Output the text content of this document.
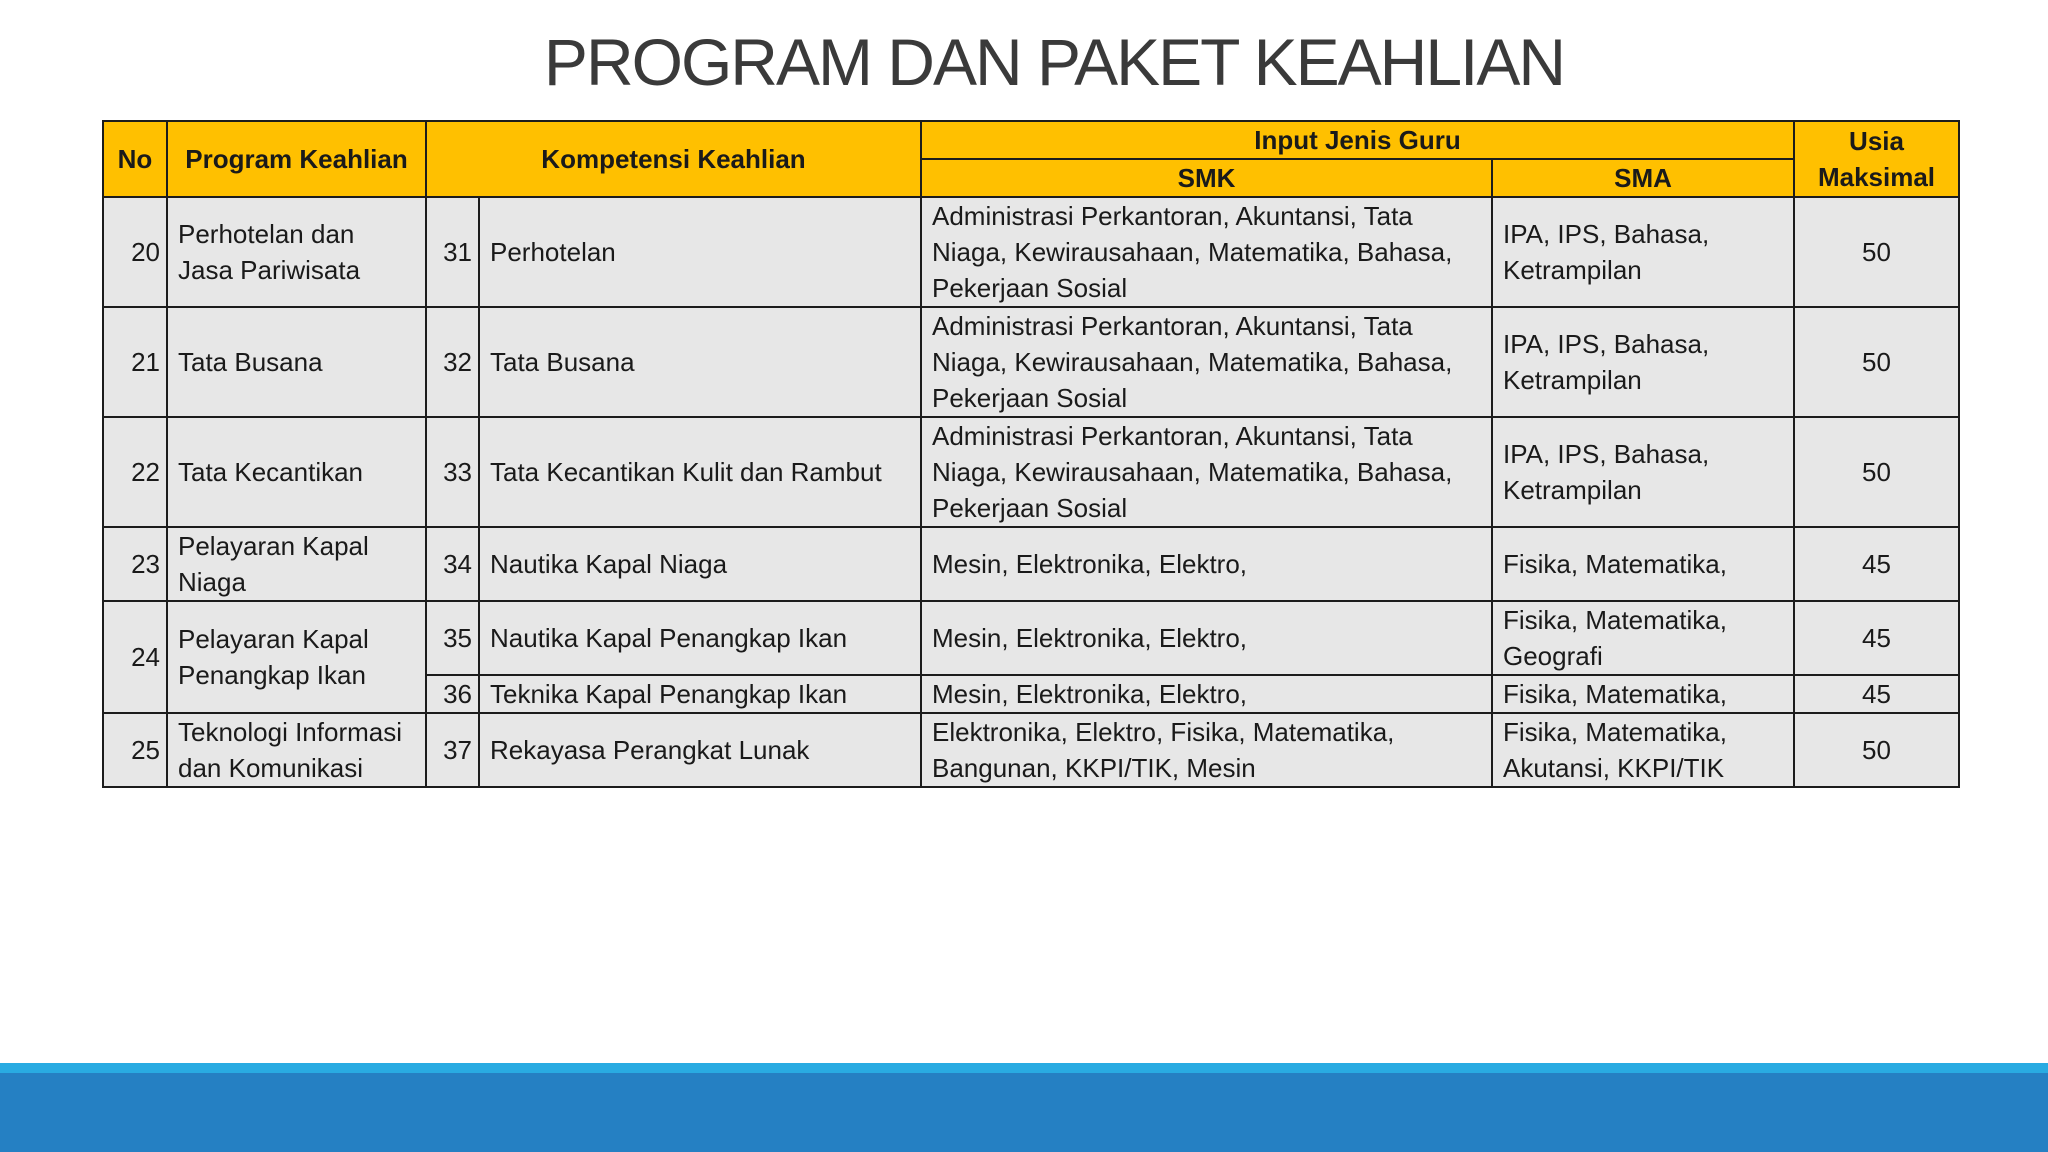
PROGRAM DAN PAKET KEAHLIAN
No	Program Keahlian	Kompetensi Keahlian		Input Jenis Guru		Usia Maksimal
				SMK	SMA	
20	Perhotelan dan Jasa Pariwisata	31	Perhotelan	Administrasi Perkantoran, Akuntansi, Tata Niaga, Kewirausahaan, Matematika, Bahasa, Pekerjaan Sosial	IPA, IPS, Bahasa, Ketrampilan	50
21	Tata Busana	32	Tata Busana	Administrasi Perkantoran, Akuntansi, Tata Niaga, Kewirausahaan, Matematika, Bahasa, Pekerjaan Sosial	IPA, IPS, Bahasa, Ketrampilan	50
22	Tata Kecantikan	33	Tata Kecantikan Kulit dan Rambut	Administrasi Perkantoran, Akuntansi, Tata Niaga, Kewirausahaan, Matematika, Bahasa, Pekerjaan Sosial	IPA, IPS, Bahasa, Ketrampilan	50
23	Pelayaran Kapal Niaga	34	Nautika Kapal Niaga	Mesin, Elektronika, Elektro,	Fisika, Matematika,	45
24	Pelayaran Kapal Penangkap Ikan	35	Nautika Kapal Penangkap Ikan	Mesin, Elektronika, Elektro,	Fisika, Matematika, Geografi	45
		36	Teknika Kapal Penangkap Ikan	Mesin, Elektronika, Elektro,	Fisika, Matematika,	45
25	Teknologi Informasi dan Komunikasi	37	Rekayasa Perangkat Lunak	Elektronika, Elektro, Fisika, Matematika, Bangunan, KKPI/TIK, Mesin	Fisika, Matematika, Akutansi, KKPI/TIK	50
